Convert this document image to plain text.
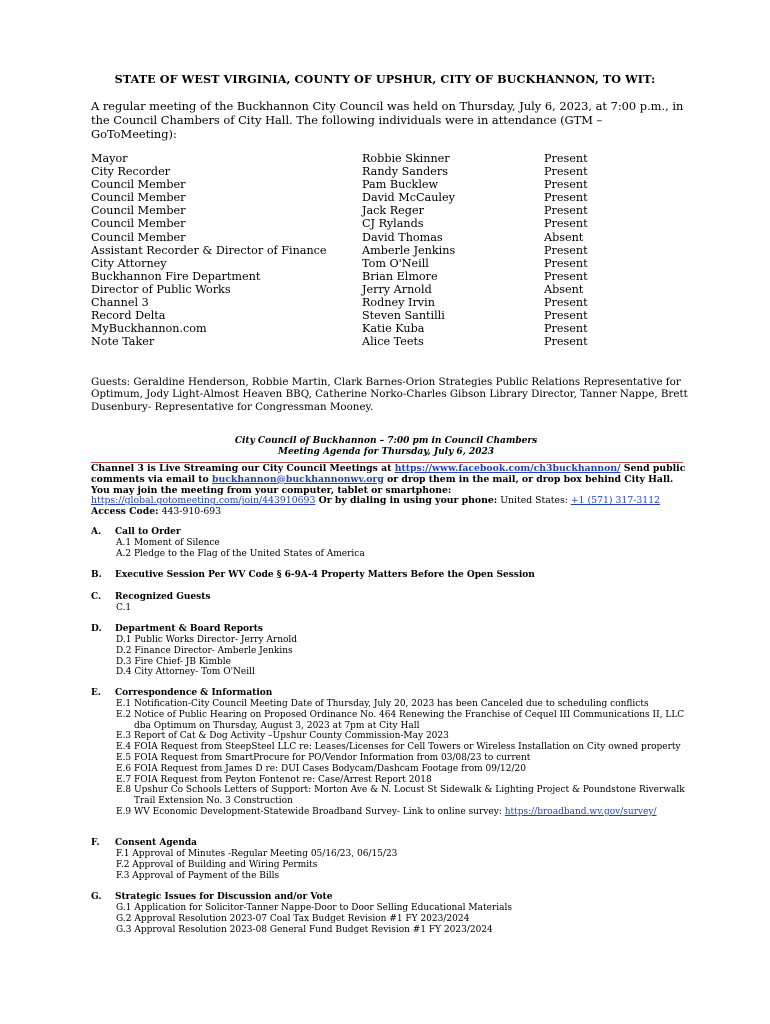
STATE OF WEST VIRGINIA, COUNTY OF UPSHUR, CITY OF BUCKHANNON, TO WIT:
A regular meeting of the Buckhannon City Council was held on Thursday, July 6, 2023, at 7:00 p.m., in the Council Chambers of City Hall. The following individuals were in attendance (GTM – GoToMeeting):
Mayor
City Recorder
Council Member
Council Member
Council Member
Council Member
Council Member
Assistant Recorder & Director of Finance
City Attorney
Buckhannon Fire Department
Director of Public Works
Channel 3
Record Delta
MyBuckhannon.com
Note Taker
Robbie Skinner
Randy Sanders
Pam Bucklew
David McCauley
Jack Reger
CJ Rylands
David Thomas
Amberle Jenkins
Tom O'Neill
Brian Elmore
Jerry Arnold
Rodney Irvin
Steven Santilli
Katie Kuba
Alice Teets
Present
Present
Present
Present
Present
Present
Absent
Present
Present
Present
Absent
Present
Present
Present
Present
Guests: Geraldine Henderson, Robbie Martin, Clark Barnes-Orion Strategies Public Relations Representative for Optimum, Jody Light-Almost Heaven BBQ, Catherine Norko-Charles Gibson Library Director, Tanner Nappe, Brett Dusenbury- Representative for Congressman Mooney.
City Council of Buckhannon – 7:00 pm in Council Chambers
Meeting Agenda for Thursday, July 6, 2023
Channel 3 is Live Streaming our City Council Meetings at https://www.facebook.com/ch3buckhannon/ Send public comments via email to buckhannon@buckhannonwv.org or drop them in the mail, or drop box behind City Hall. You may join the meeting from your computer, tablet or smartphone:
https://global.gotomeeting.com/join/443910693 Or by dialing in using your phone: United States: +1 (571) 317-3112
Access Code: 443-910-693
A. Call to Order
A.1 Moment of Silence
A.2 Pledge to the Flag of the United States of America
B. Executive Session Per WV Code § 6-9A-4 Property Matters Before the Open Session
C. Recognized Guests
C.1
D. Department & Board Reports
D.1 Public Works Director- Jerry Arnold
D.2 Finance Director- Amberle Jenkins
D.3 Fire Chief- JB Kimble
D.4 City Attorney- Tom O'Neill
E. Correspondence & Information
E.1 Notification-City Council Meeting Date of Thursday, July 20, 2023 has been Canceled due to scheduling conflicts
E.2 Notice of Public Hearing on Proposed Ordinance No. 464 Renewing the Franchise of Cequel III Communications II, LLC dba Optimum on Thursday, August 3, 2023 at 7pm at City Hall
E.3 Report of Cat & Dog Activity –Upshur County Commission-May 2023
E.4 FOIA Request from SteepSteel LLC re: Leases/Licenses for Cell Towers or Wireless Installation on City owned property
E.5 FOIA Request from SmartProcure for PO/Vendor Information from 03/08/23 to current
E.6 FOIA Request from James D re: DUI Cases Bodycam/Dashcam Footage from 09/12/20
E.7 FOIA Request from Peyton Fontenot re: Case/Arrest Report 2018
E.8 Upshur Co Schools Letters of Support: Morton Ave & N. Locust St Sidewalk & Lighting Project & Poundstone Riverwalk Trail Extension No. 3 Construction
E.9 WV Economic Development-Statewide Broadband Survey- Link to online survey: https://broadband.wv.gov/survey/
F. Consent Agenda
F.1 Approval of Minutes -Regular Meeting 05/16/23, 06/15/23
F.2 Approval of Building and Wiring Permits
F.3 Approval of Payment of the Bills
G. Strategic Issues for Discussion and/or Vote
G.1 Application for Solicitor-Tanner Nappe-Door to Door Selling Educational Materials
G.2 Approval Resolution 2023-07 Coal Tax Budget Revision #1 FY 2023/2024
G.3 Approval Resolution 2023-08 General Fund Budget Revision #1 FY 2023/2024
